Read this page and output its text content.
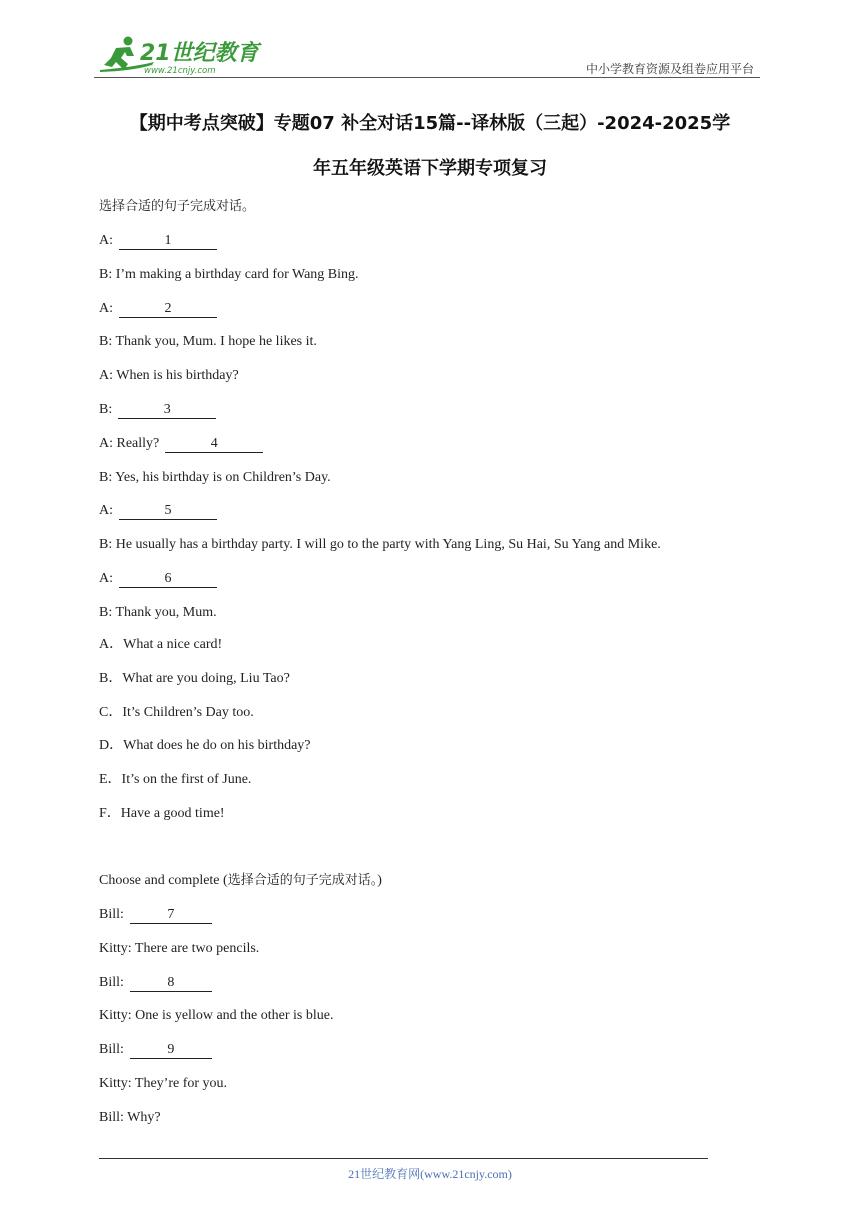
21世纪教育
www.21cnjy.com	中小学教育资源及组卷应用平台
【期中考点突破】专题07 补全对话15篇--译林版（三起）-2024-2025学
年五年级英语下学期专项复习
选择合适的句子完成对话。
A:	1
B: I’m making a birthday card for Wang Bing.
A:	2
B: Thank you, Mum. I hope he likes it.
A: When is his birthday?
B:	3
A: Really?	4
B: Yes, his birthday is on Children’s Day.
A:	5
B: He usually has a birthday party. I will go to the party with Yang Ling, Su Hai, Su Yang and Mike.
A:	6
B: Thank you, Mum.
A．What a nice card!
B．What are you doing, Liu Tao?
C．It’s Children’s Day too.
D．What does he do on his birthday?
E．It’s on the first of June.
F．Have a good time!
Choose and complete (选择合适的句子完成对话。)
Bill:	7
Kitty: There are two pencils.
Bill:	8
Kitty: One is yellow and the other is blue.
Bill:	9
Kitty: They’re for you.
Bill: Why?
21世纪教育网(www.21cnjy.com)
